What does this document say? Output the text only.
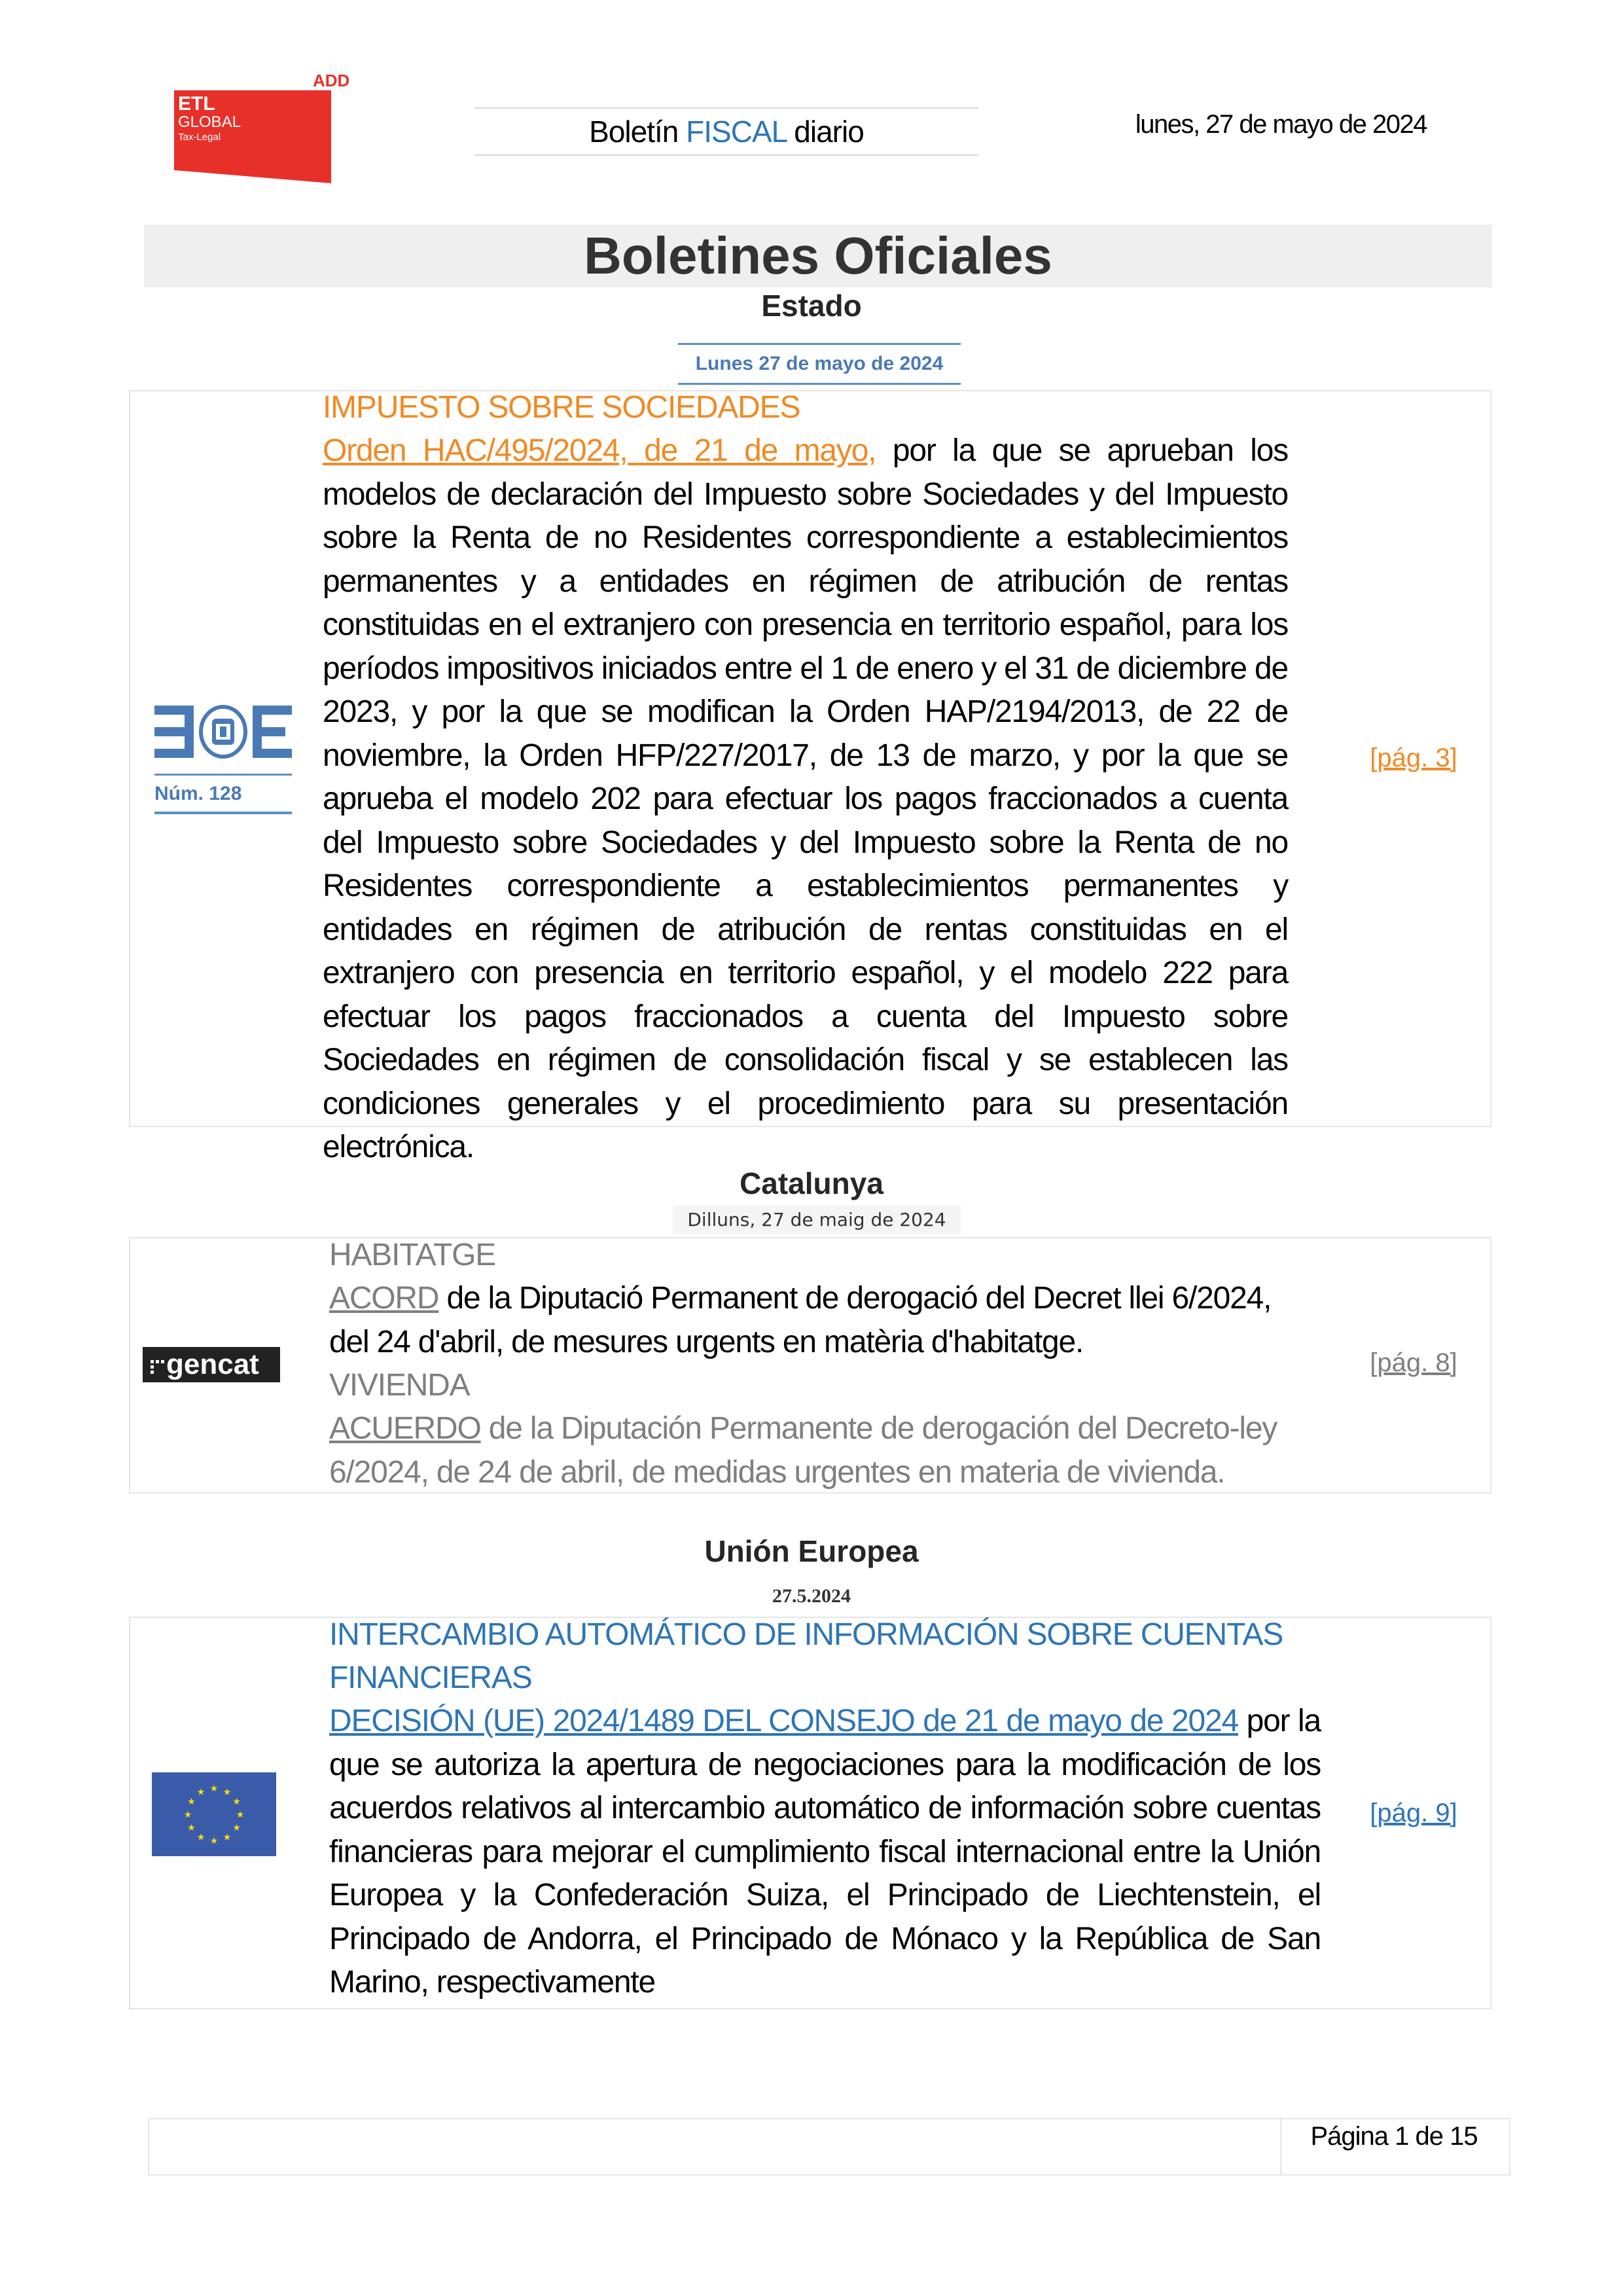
ADD
ETL
GLOBAL
Tax-Legal	Boletín FISCAL diario	lunes, 27 de mayo de 2024
Boletines Oficiales
Estado
Lunes 27 de mayo de 2024
Núm. 128
IMPUESTO SOBRE SOCIEDADES
Orden HAC/495/2024, de 21 de mayo, por la que se aprueban los modelos de declaración del Impuesto sobre Sociedades y del Impuesto sobre la Renta de no Residentes correspondiente a establecimientos permanentes y a entidades en régimen de atribución de rentas constituidas en el extranjero con presencia en territorio español, para los períodos impositivos iniciados entre el 1 de enero y el 31 de diciembre de 2023, y por la que se modifican la Orden HAP/2194/2013, de 22 de noviembre, la Orden HFP/227/2017, de 13 de marzo, y por la que se aprueba el modelo 202 para efectuar los pagos fraccionados a cuenta del Impuesto sobre Sociedades y del Impuesto sobre la Renta de no Residentes correspondiente a establecimientos permanentes y entidades en régimen de atribución de rentas constituidas en el extranjero con presencia en territorio español, y el modelo 222 para efectuar los pagos fraccionados a cuenta del Impuesto sobre Sociedades en régimen de consolidación fiscal y se establecen las condiciones generales y el procedimiento para su presentación electrónica.
[pág. 3]
Catalunya
Dilluns, 27 de maig de 2024
gencat
HABITATGE
ACORD de la Diputació Permanent de derogació del Decret llei 6/2024, del 24 d'abril, de mesures urgents en matèria d'habitatge.
VIVIENDA
ACUERDO de la Diputación Permanente de derogación del Decreto-ley 6/2024, de 24 de abril, de medidas urgentes en materia de vivienda.
[pág. 8]
Unión Europea
27.5.2024
★ ★
★
★
★
★
★
★
★
★
★
★
INTERCAMBIO AUTOMÁTICO DE INFORMACIÓN SOBRE CUENTAS FINANCIERAS
DECISIÓN (UE) 2024/1489 DEL CONSEJO de 21 de mayo de 2024 por la que se autoriza la apertura de negociaciones para la modificación de los acuerdos relativos al intercambio automático de información sobre cuentas financieras para mejorar el cumplimiento fiscal internacional entre la Unión Europea y la Confederación Suiza, el Principado de Liechtenstein, el Principado de Andorra, el Principado de Mónaco y la República de San Marino, respectivamente
[pág. 9]
Página 1 de 15
